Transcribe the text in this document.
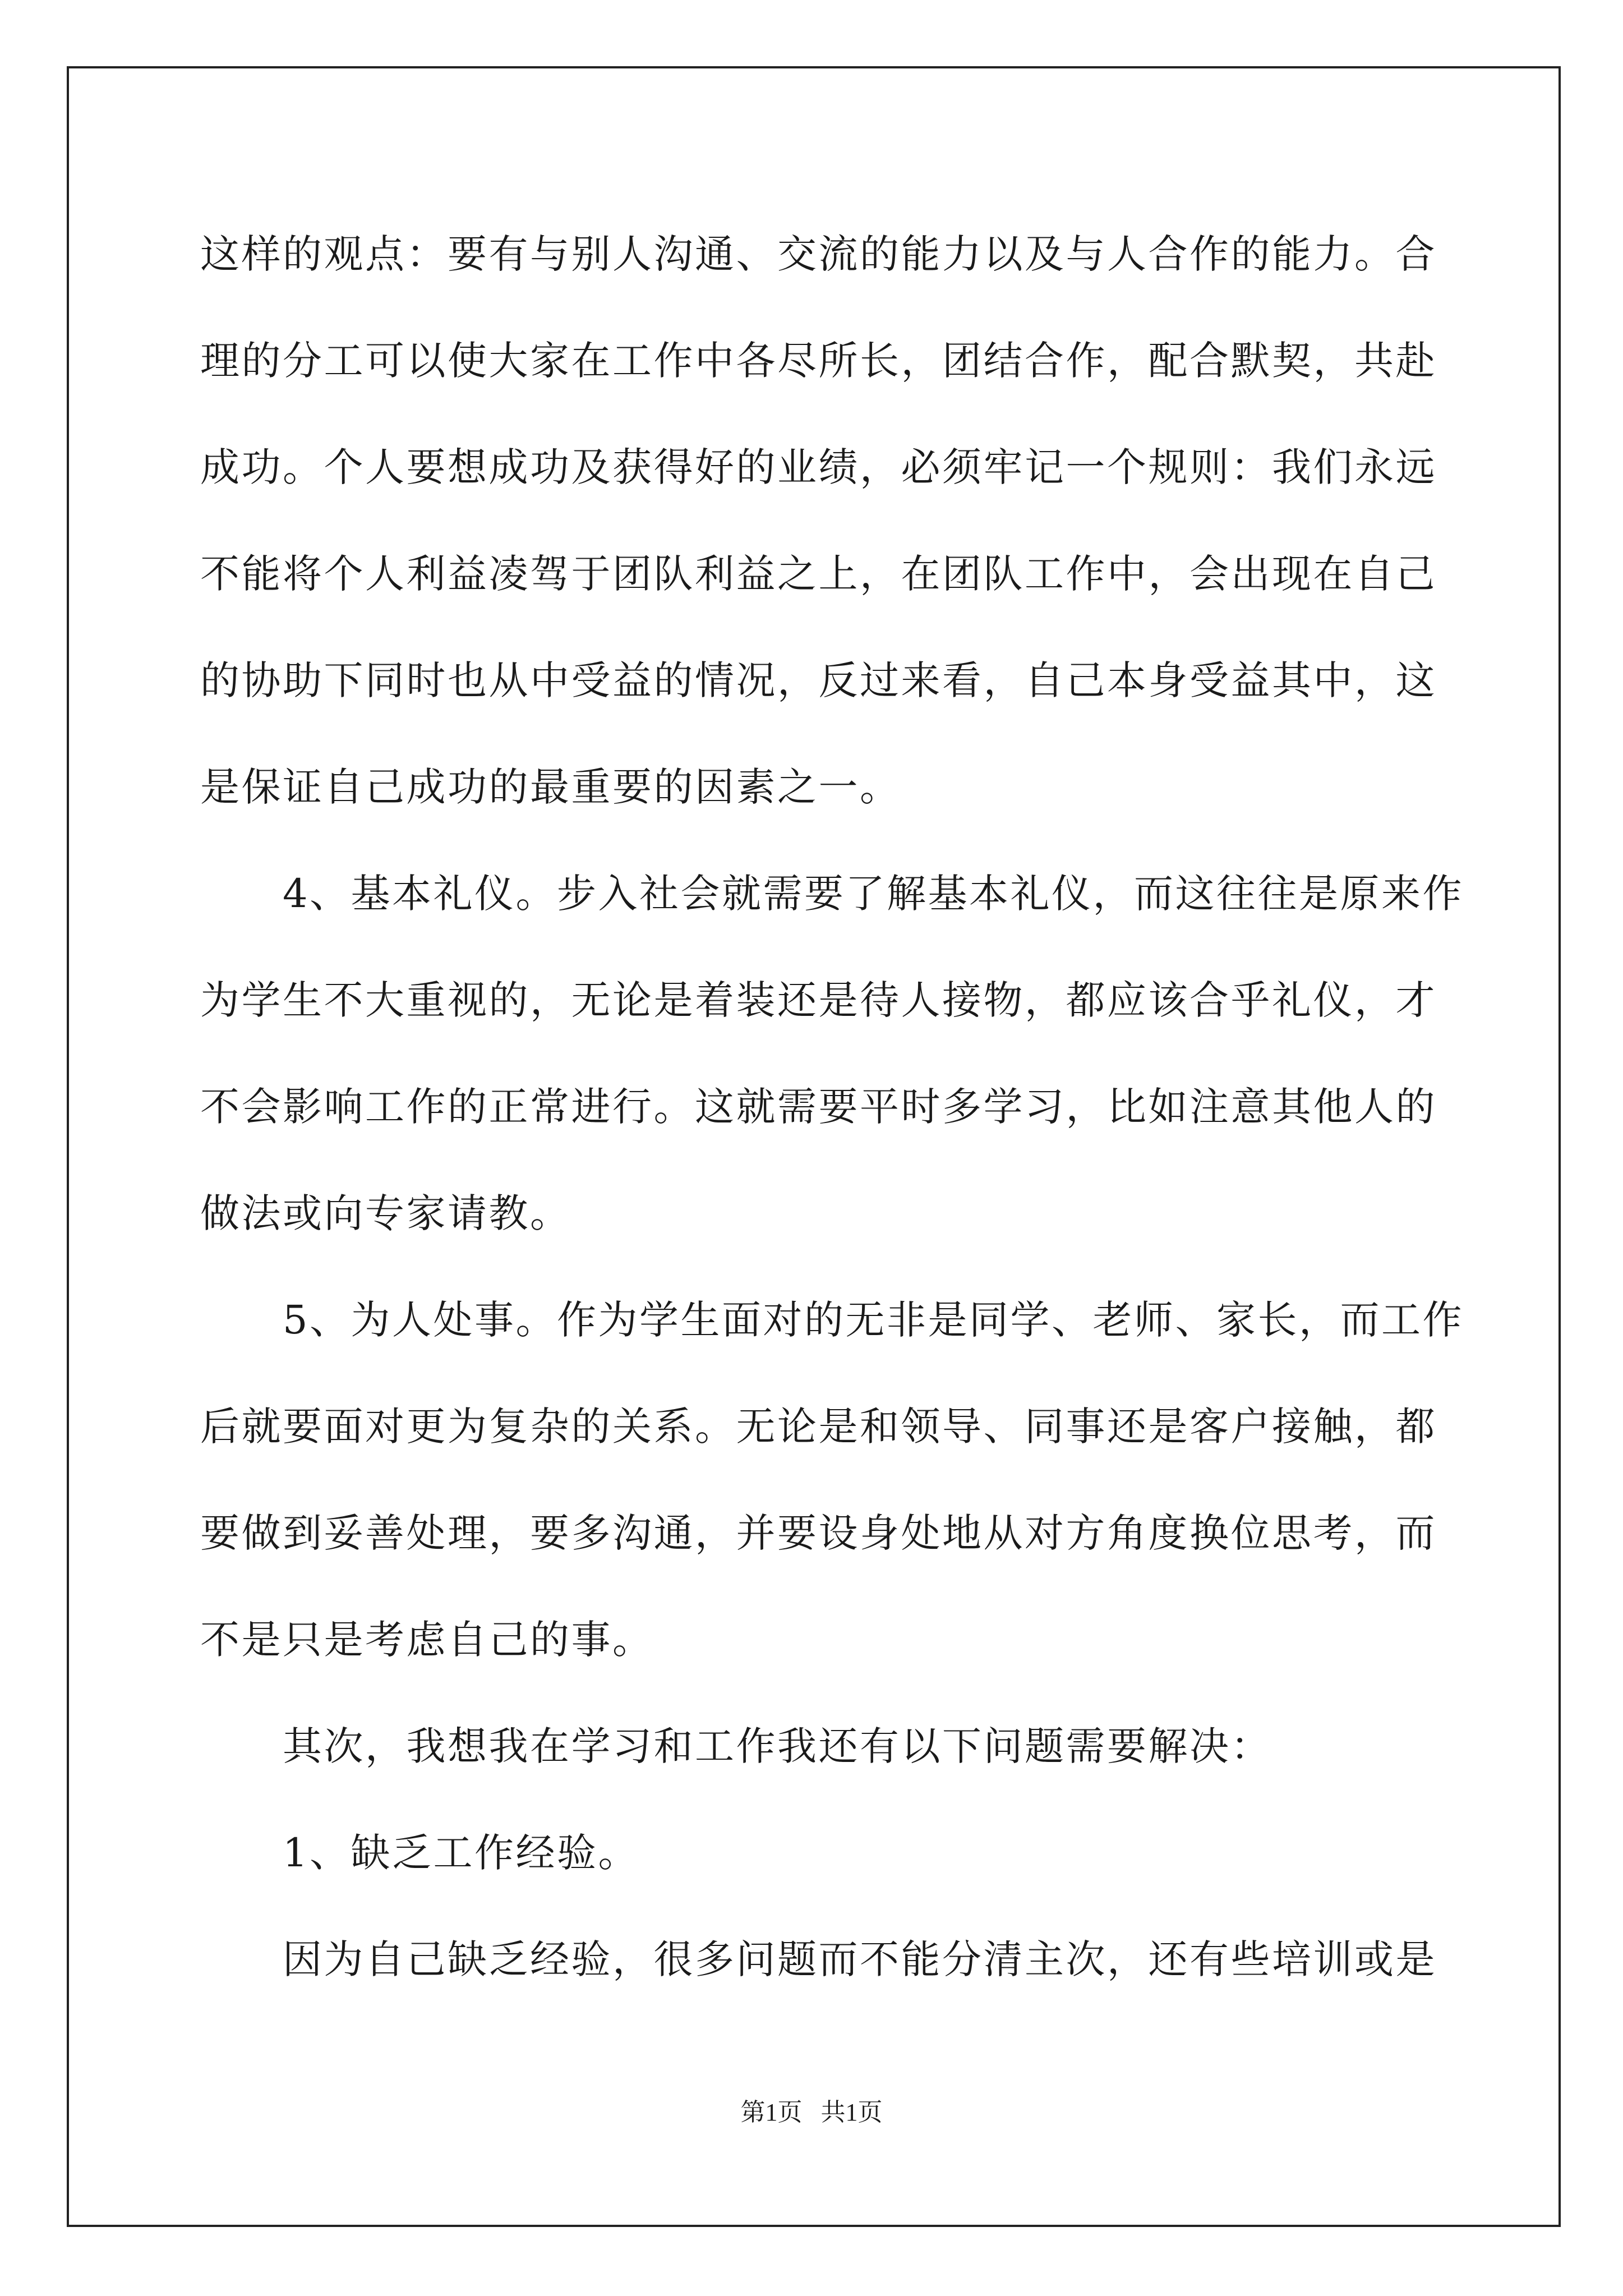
这样的观点：要有与别人沟通、交流的能力以及与人合作的能力。合
理的分工可以使大家在工作中各尽所长，团结合作，配合默契，共赴
成功。个人要想成功及获得好的业绩，必须牢记一个规则：我们永远
不能将个人利益凌驾于团队利益之上，在团队工作中，会出现在自己
的协助下同时也从中受益的情况，反过来看，自己本身受益其中，这
是保证自己成功的最重要的因素之一。
4、基本礼仪。步入社会就需要了解基本礼仪，而这往往是原来作
为学生不大重视的，无论是着装还是待人接物，都应该合乎礼仪，才
不会影响工作的正常进行。这就需要平时多学习，比如注意其他人的
做法或向专家请教。
5、为人处事。作为学生面对的无非是同学、老师、家长，而工作
后就要面对更为复杂的关系。无论是和领导、同事还是客户接触，都
要做到妥善处理，要多沟通，并要设身处地从对方角度换位思考，而
不是只是考虑自己的事。
其次，我想我在学习和工作我还有以下问题需要解决：
1、缺乏工作经验。
因为自己缺乏经验，很多问题而不能分清主次，还有些培训或是
第1页   共1页
